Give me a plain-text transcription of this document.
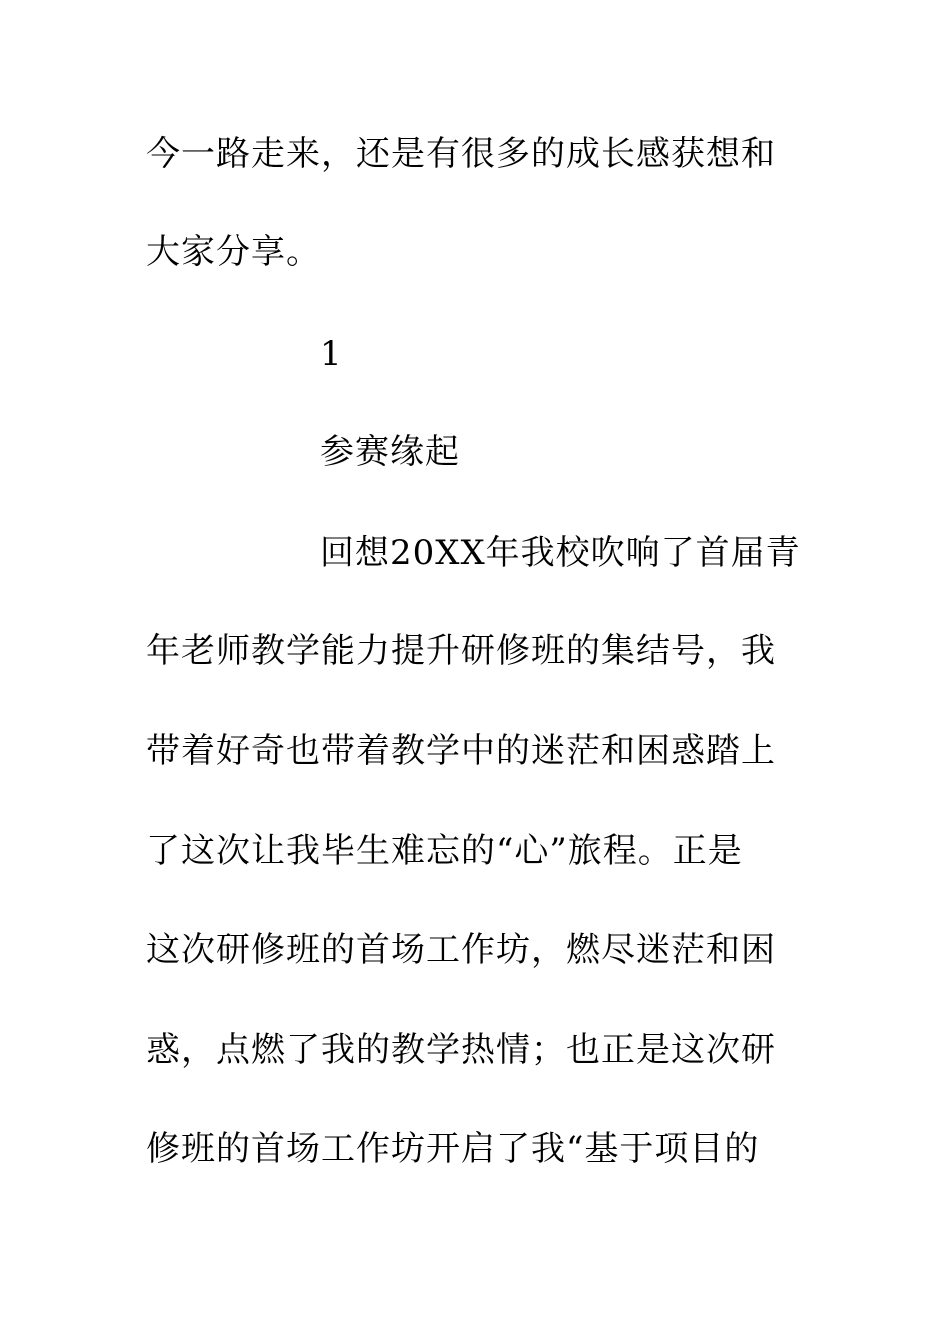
今一路走来，还是有很多的成长感获想和
大家分享。
1
参赛缘起
回想20XX年我校吹响了首届青
年老师教学能力提升研修班的集结号，我
带着好奇也带着教学中的迷茫和困惑踏上
了这次让我毕生难忘的“心”旅程。正是
这次研修班的首场工作坊，燃尽迷茫和困
惑，点燃了我的教学热情；也正是这次研
修班的首场工作坊开启了我“基于项目的
